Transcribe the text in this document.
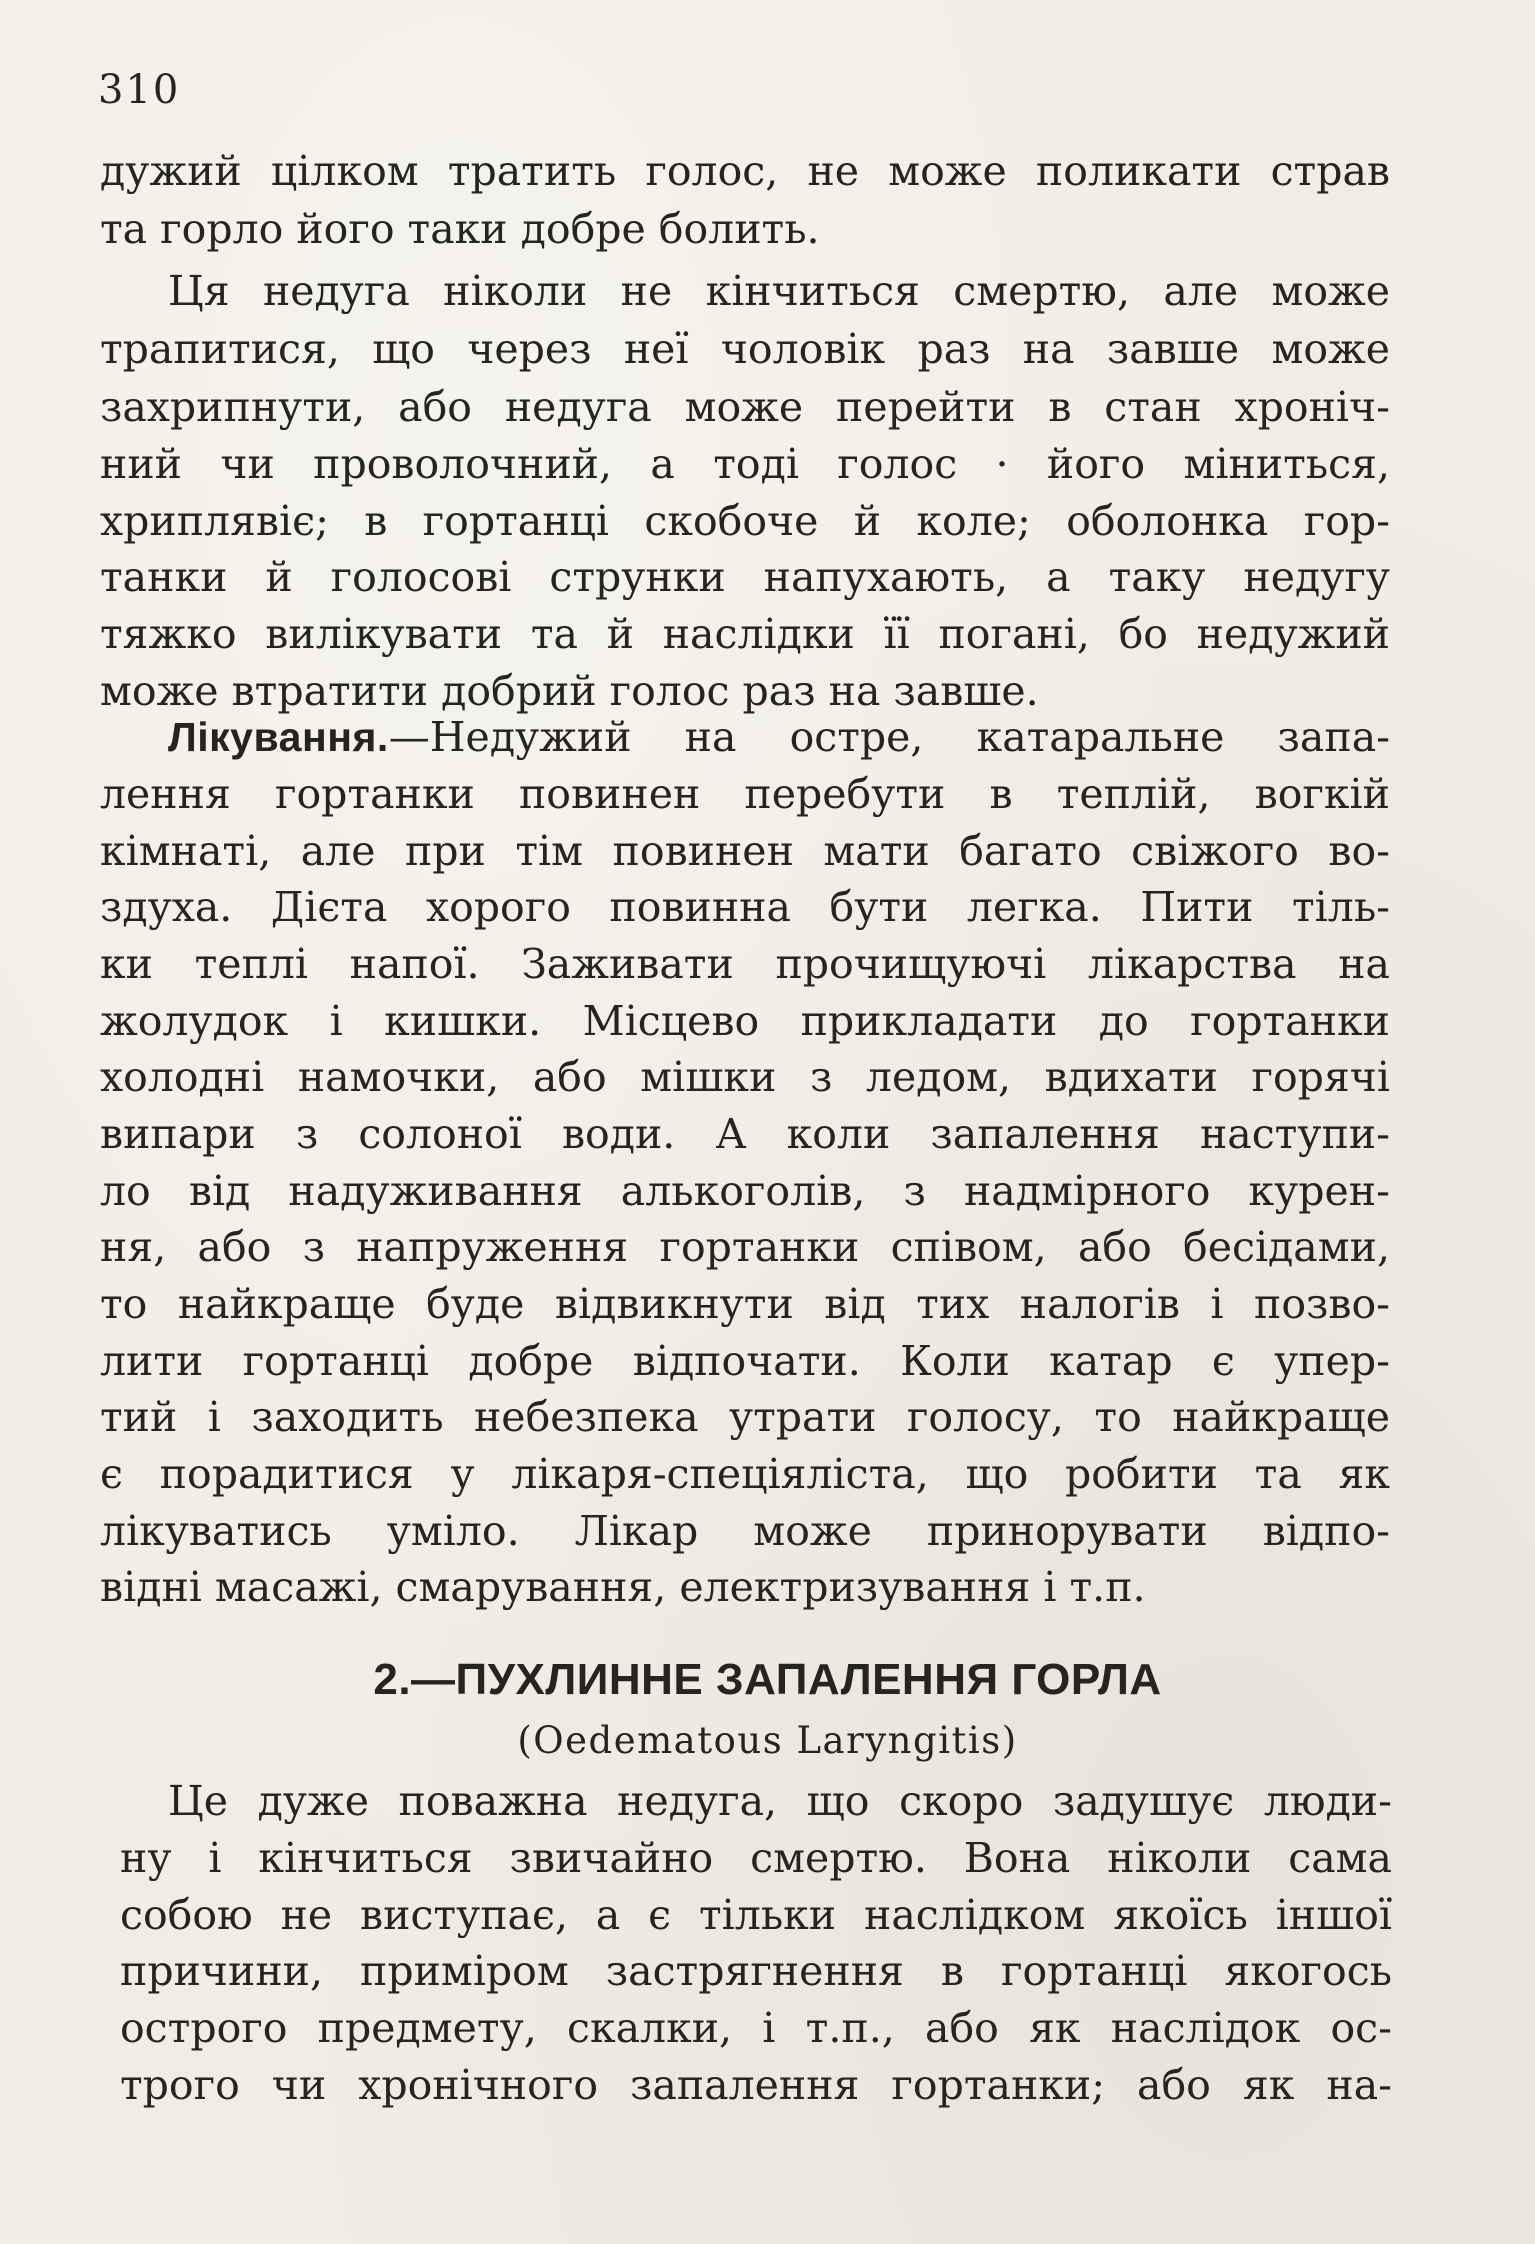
310
дужий цілком тратить голос, не може поликати страв
та горло його таки добре болить.
Ця недуга ніколи не кінчиться смертю, але може
трапитися, що через неї чоловік раз на завше може
захрипнути, або недуга може перейти в стан хроніч-
ний чи проволочний, а тоді голос · його міниться,
хриплявіє; в гортанці скобоче й коле; оболонка гор-
танки й голосові струнки напухають, а таку недугу
тяжко вилікувати та й наслідки її погані, бо недужий
може втратити добрий голос раз на завше.
Лікування.—Недужий на остре, катаральне запа-
лення гортанки повинен перебути в теплій, вогкій
кімнаті, але при тім повинен мати багато свіжого во-
здуха. Дієта хорого повинна бути легка. Пити тіль-
ки теплі напої. Заживати прочищуючі лікарства на
жолудок і кишки. Місцево прикладати до гортанки
холодні намочки, або мішки з ледом, вдихати горячі
випари з солоної води. А коли запалення наступи-
ло від надуживання алькоголів, з надмірного курен-
ня, або з напруження гортанки співом, або бесідами,
то найкраще буде відвикнути від тих налогів і позво-
лити гортанці добре відпочати. Коли катар є упер-
тий і заходить небезпека утрати голосу, то найкраще
є порадитися у лікаря-спеціяліста, що робити та як
лікуватись уміло. Лікар може принорувати відпо-
відні масажі, смарування, електризування і т.п.
2.—ПУХЛИННЕ ЗАПАЛЕННЯ ГОРЛА
(Oedematous Laryngitis)
Це дуже поважна недуга, що скоро задушує люди-
ну і кінчиться звичайно смертю. Вона ніколи сама
собою не виступає, а є тільки наслідком якоїсь іншої
причини, приміром застрягнення в гортанці якогось
острого предмету, скалки, і т.п., або як наслідок ос-
трого чи хронічного запалення гортанки; або як на-
